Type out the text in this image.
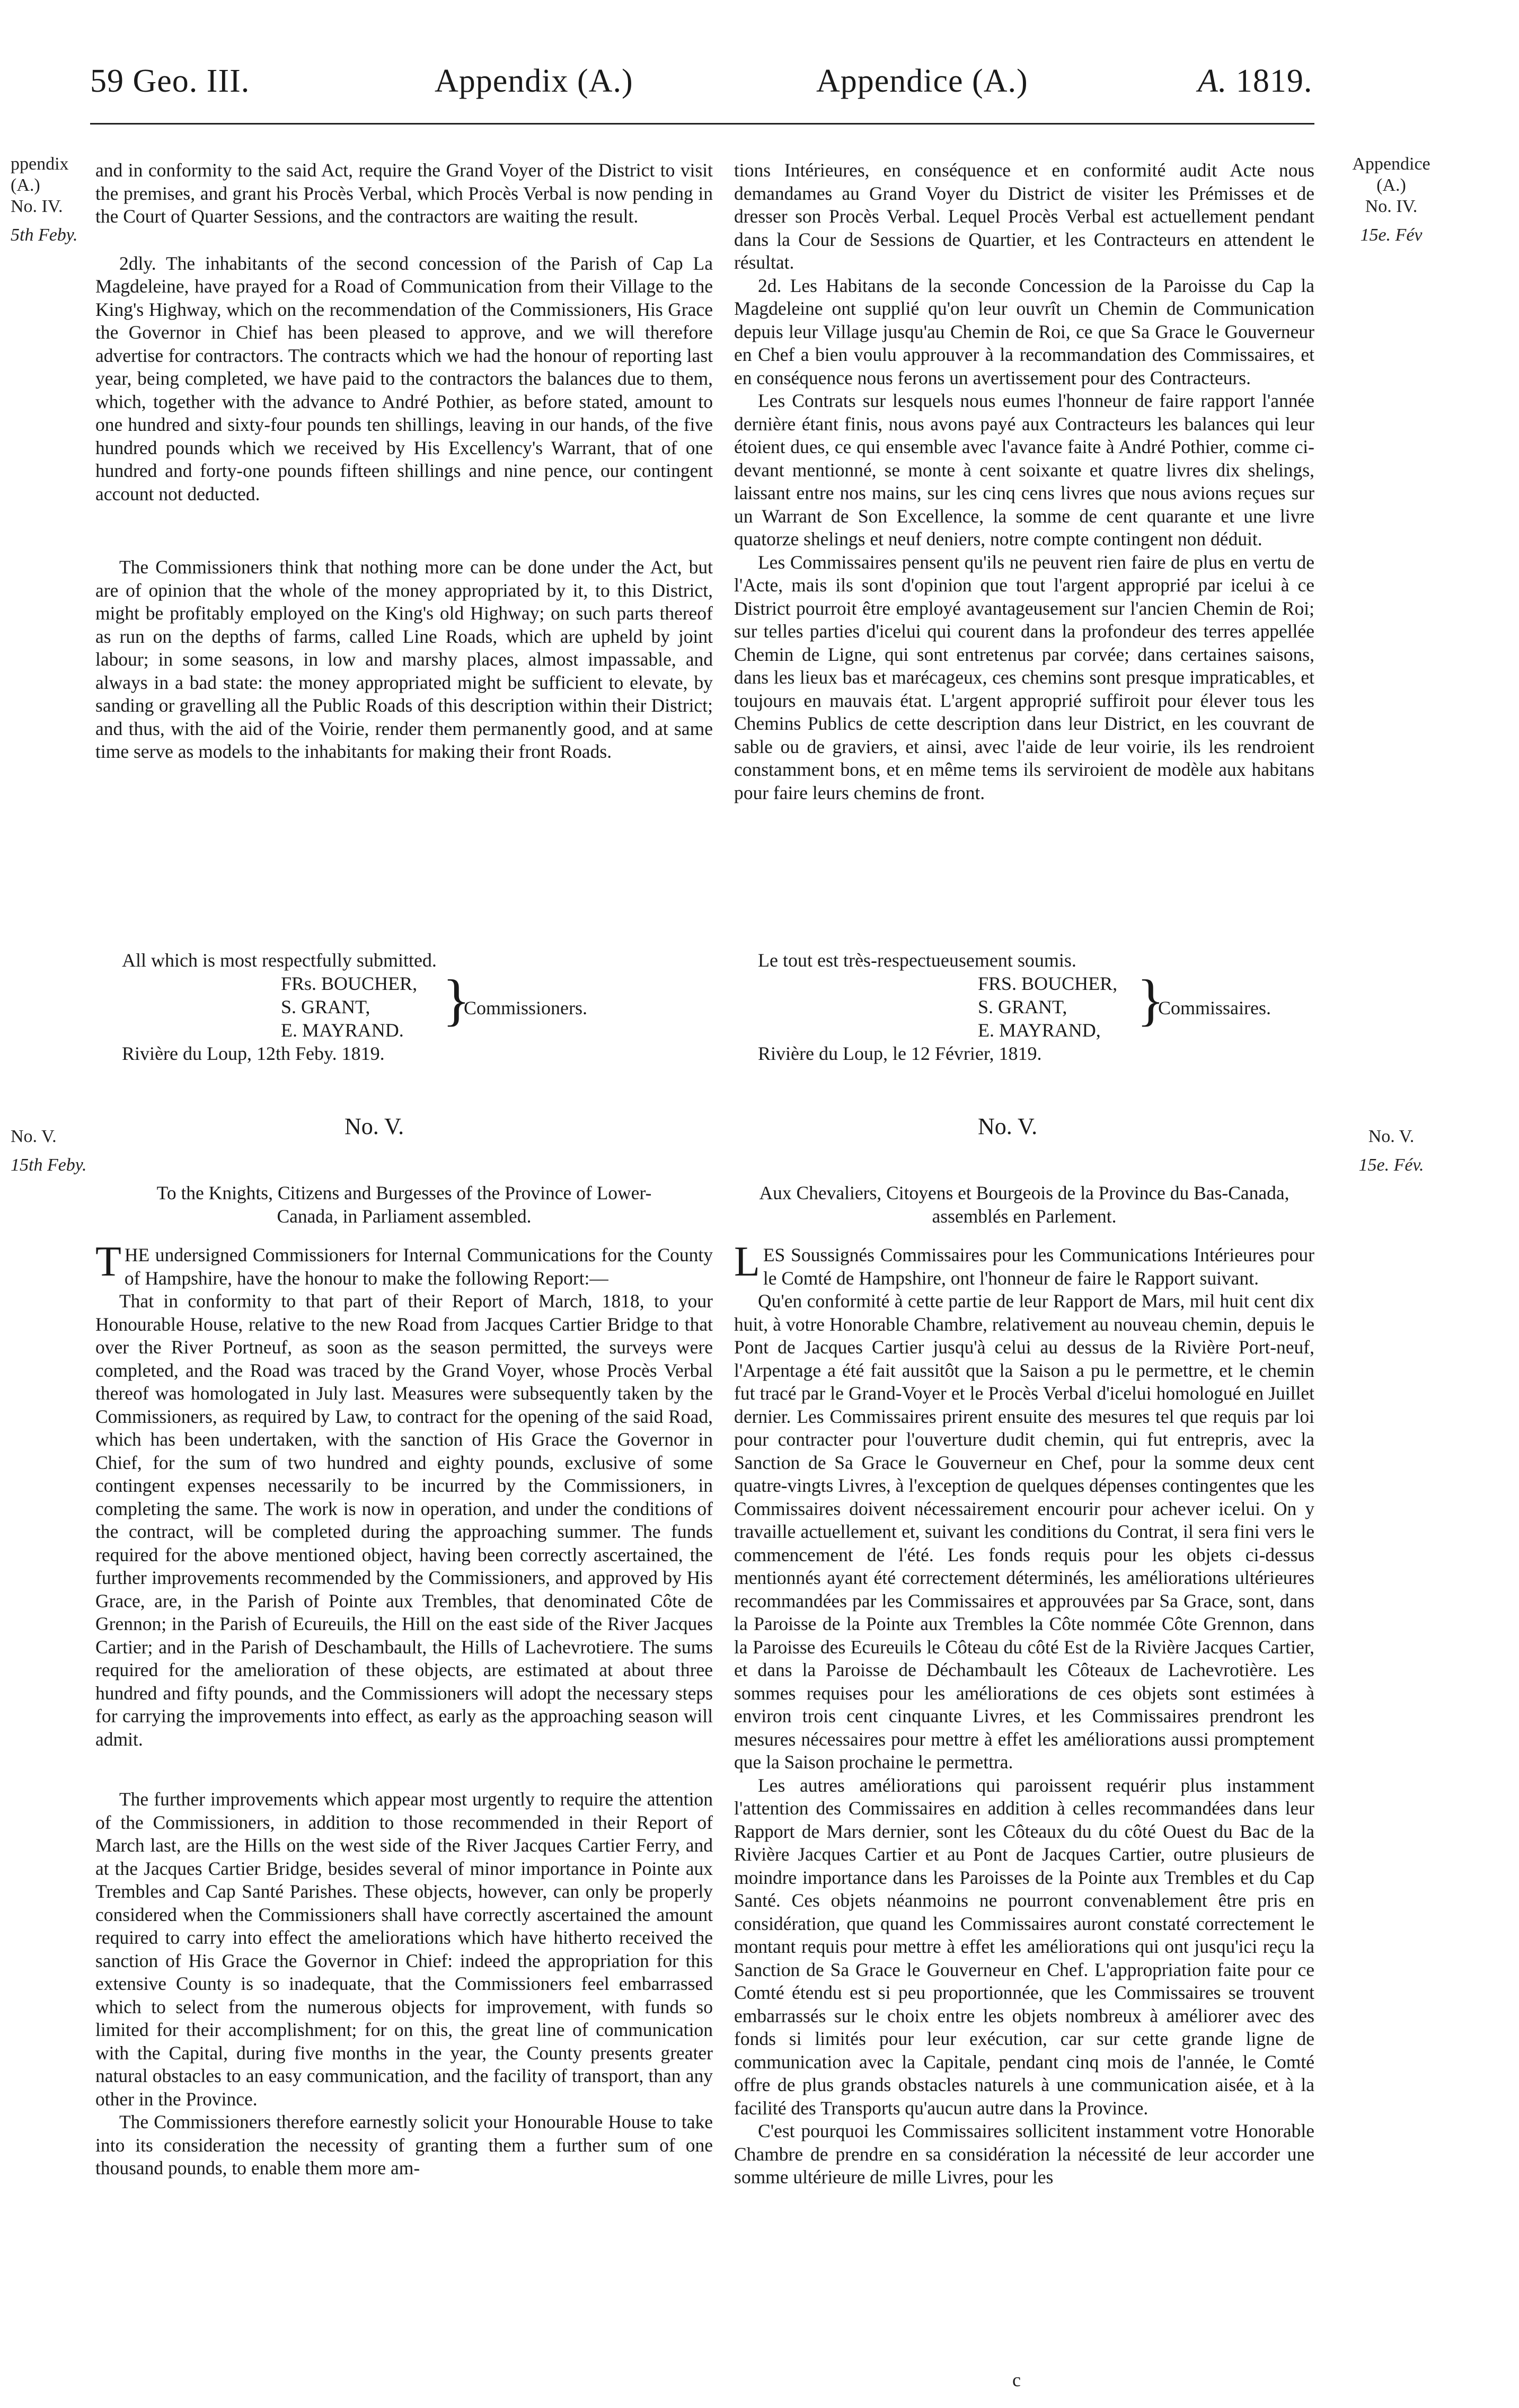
59 Geo. III.	Appendix (A.)	Appendice (A.)	A. 1819.
ppendix
(A.)
No. IV.
5th Feby.
Appendice
(A.)
No. IV.
15e. Fév

and in conformity to the said Act, require the Grand Voyer of the District to visit the premises, and grant his Procès Verbal, which Procès Verbal is now pending in the Court of Quarter Sessions, and the contractors are waiting the result.

2dly. The inhabitants of the second concession of the Parish of Cap La Magdeleine, have prayed for a Road of Communication from their Village to the King's Highway, which on the recommendation of the Commissioners, His Grace the Governor in Chief has been pleased to approve, and we will therefore advertise for contractors. The contracts which we had the honour of reporting last year, being completed, we have paid to the contractors the balances due to them, which, together with the advance to André Pothier, as before stated, amount to one hundred and sixty-four pounds ten shillings, leaving in our hands, of the five hundred pounds which we received by His Excellency's Warrant, that of one hundred and forty-one pounds fifteen shillings and nine pence, our contingent account not deducted.

The Commissioners think that nothing more can be done under the Act, but are of opinion that the whole of the money appropriated by it, to this District, might be profitably employed on the King's old Highway; on such parts thereof as run on the depths of farms, called Line Roads, which are upheld by joint labour; in some seasons, in low and marshy places, almost impassable, and always in a bad state: the money appropriated might be sufficient to elevate, by sanding or gravelling all the Public Roads of this description within their District; and thus, with the aid of the Voirie, render them permanently good, and at same time serve as models to the inhabitants for making their front Roads.

tions Intérieures, en conséquence et en conformité audit Acte nous demandames au Grand Voyer du District de visiter les Prémisses et de dresser son Procès Verbal. Lequel Procès Verbal est actuellement pendant dans la Cour de Sessions de Quartier, et les Contracteurs en attendent le résultat.

2d. Les Habitans de la seconde Concession de la Paroisse du Cap la Magdeleine ont supplié qu'on leur ouvrît un Chemin de Communication depuis leur Village jusqu'au Chemin de Roi, ce que Sa Grace le Gouverneur en Chef a bien voulu approuver à la recommandation des Commissaires, et en conséquence nous ferons un avertissement pour des Contracteurs.

Les Contrats sur lesquels nous eumes l'honneur de faire rapport l'année dernière étant finis, nous avons payé aux Contracteurs les balances qui leur étoient dues, ce qui ensemble avec l'avance faite à André Pothier, comme ci-devant mentionné, se monte à cent soixante et quatre livres dix shelings, laissant entre nos mains, sur les cinq cens livres que nous avions reçues sur un Warrant de Son Excellence, la somme de cent quarante et une livre quatorze shelings et neuf deniers, notre compte contingent non déduit.

Les Commissaires pensent qu'ils ne peuvent rien faire de plus en vertu de l'Acte, mais ils sont d'opinion que tout l'argent approprié par icelui à ce District pourroit être employé avantageusement sur l'ancien Chemin de Roi; sur telles parties d'icelui qui courent dans la profondeur des terres appellée Chemin de Ligne, qui sont entretenus par corvée; dans certaines saisons, dans les lieux bas et marécageux, ces chemins sont presque impraticables, et toujours en mauvais état. L'argent approprié suffiroit pour élever tous les Chemins Publics de cette description dans leur District, en les couvrant de sable ou de graviers, et ainsi, avec l'aide de leur voirie, ils les rendroient constamment bons, et en même tems ils serviroient de modèle aux habitans pour faire leurs chemins de front.

All which is most respectfully submitted.
FRs. BOUCHER,
S. GRANT,
E. MAYRAND. }
Commissioners.
Rivière du Loup, 12th Feby. 1819.
Le tout est très-respectueusement soumis.
FRS. BOUCHER,
S. GRANT,
E. MAYRAND, }
Commissaires.
Rivière du Loup, le 12 Février, 1819.
No. V.
15th Feby.
No. V.
15e. Fév.
No. V.	No. V.

To the Knights, Citizens and Burgesses of the Province of Lower-Canada, in Parliament assembled.

THE undersigned Commissioners for Internal Communications for the County of Hampshire, have the honour to make the following Report:—

That in conformity to that part of their Report of March, 1818, to your Honourable House, relative to the new Road from Jacques Cartier Bridge to that over the River Portneuf, as soon as the season permitted, the surveys were completed, and the Road was traced by the Grand Voyer, whose Procès Verbal thereof was homologated in July last. Measures were subsequently taken by the Commissioners, as required by Law, to contract for the opening of the said Road, which has been undertaken, with the sanction of His Grace the Governor in Chief, for the sum of two hundred and eighty pounds, exclusive of some contingent expenses necessarily to be incurred by the Commissioners, in completing the same. The work is now in operation, and under the conditions of the contract, will be completed during the approaching summer. The funds required for the above mentioned object, having been correctly ascertained, the further improvements recommended by the Commissioners, and approved by His Grace, are, in the Parish of Pointe aux Trembles, that denominated Côte de Grennon; in the Parish of Ecureuils, the Hill on the east side of the River Jacques Cartier; and in the Parish of Deschambault, the Hills of Lachevrotiere. The sums required for the amelioration of these objects, are estimated at about three hundred and fifty pounds, and the Commissioners will adopt the necessary steps for carrying the improvements into effect, as early as the approaching season will admit.

The further improvements which appear most urgently to require the attention of the Commissioners, in addition to those recommended in their Report of March last, are the Hills on the west side of the River Jacques Cartier Ferry, and at the Jacques Cartier Bridge, besides several of minor importance in Pointe aux Trembles and Cap Santé Parishes. These objects, however, can only be properly considered when the Commissioners shall have correctly ascertained the amount required to carry into effect the ameliorations which have hitherto received the sanction of His Grace the Governor in Chief: indeed the appropriation for this extensive County is so inadequate, that the Commissioners feel embarrassed which to select from the numerous objects for improvement, with funds so limited for their accomplishment; for on this, the great line of communication with the Capital, during five months in the year, the County presents greater natural obstacles to an easy communication, and the facility of transport, than any other in the Province.

The Commissioners therefore earnestly solicit your Honourable House to take into its consideration the necessity of granting them a further sum of one thousand pounds, to enable them more am-

Aux Chevaliers, Citoyens et Bourgeois de la Province du Bas-Canada, assemblés en Parlement.

LES Soussignés Commissaires pour les Communications Intérieures pour le Comté de Hampshire, ont l'honneur de faire le Rapport suivant.

Qu'en conformité à cette partie de leur Rapport de Mars, mil huit cent dix huit, à votre Honorable Chambre, relativement au nouveau chemin, depuis le Pont de Jacques Cartier jusqu'à celui au dessus de la Rivière Port-neuf, l'Arpentage a été fait aussitôt que la Saison a pu le permettre, et le chemin fut tracé par le Grand-Voyer et le Procès Verbal d'icelui homologué en Juillet dernier. Les Commissaires prirent ensuite des mesures tel que requis par loi pour contracter pour l'ouverture dudit chemin, qui fut entrepris, avec la Sanction de Sa Grace le Gouverneur en Chef, pour la somme deux cent quatre-vingts Livres, à l'exception de quelques dépenses contingentes que les Commissaires doivent nécessairement encourir pour achever icelui. On y travaille actuellement et, suivant les conditions du Contrat, il sera fini vers le commencement de l'été. Les fonds requis pour les objets ci-dessus mentionnés ayant été correctement déterminés, les améliorations ultérieures recommandées par les Commissaires et approuvées par Sa Grace, sont, dans la Paroisse de la Pointe aux Trembles la Côte nommée Côte Grennon, dans la Paroisse des Ecureuils le Côteau du côté Est de la Rivière Jacques Cartier, et dans la Paroisse de Déchambault les Côteaux de Lachevrotière. Les sommes requises pour les améliorations de ces objets sont estimées à environ trois cent cinquante Livres, et les Commissaires prendront les mesures nécessaires pour mettre à effet les améliorations aussi promptement que la Saison prochaine le permettra.

Les autres améliorations qui paroissent requérir plus instamment l'attention des Commissaires en addition à celles recommandées dans leur Rapport de Mars dernier, sont les Côteaux du du côté Ouest du Bac de la Rivière Jacques Cartier et au Pont de Jacques Cartier, outre plusieurs de moindre importance dans les Paroisses de la Pointe aux Trembles et du Cap Santé. Ces objets néanmoins ne pourront convenablement être pris en considération, que quand les Commissaires auront constaté correctement le montant requis pour mettre à effet les améliorations qui ont jusqu'ici reçu la Sanction de Sa Grace le Gouverneur en Chef. L'appropriation faite pour ce Comté étendu est si peu proportionnée, que les Commissaires se trouvent embarrassés sur le choix entre les objets nombreux à améliorer avec des fonds si limités pour leur exécution, car sur cette grande ligne de communication avec la Capitale, pendant cinq mois de l'année, le Comté offre de plus grands obstacles naturels à une communication aisée, et à la facilité des Transports qu'aucun autre dans la Province.

C'est pourquoi les Commissaires sollicitent instamment votre Honorable Chambre de prendre en sa considération la nécessité de leur accorder une somme ultérieure de mille Livres, pour les

c
